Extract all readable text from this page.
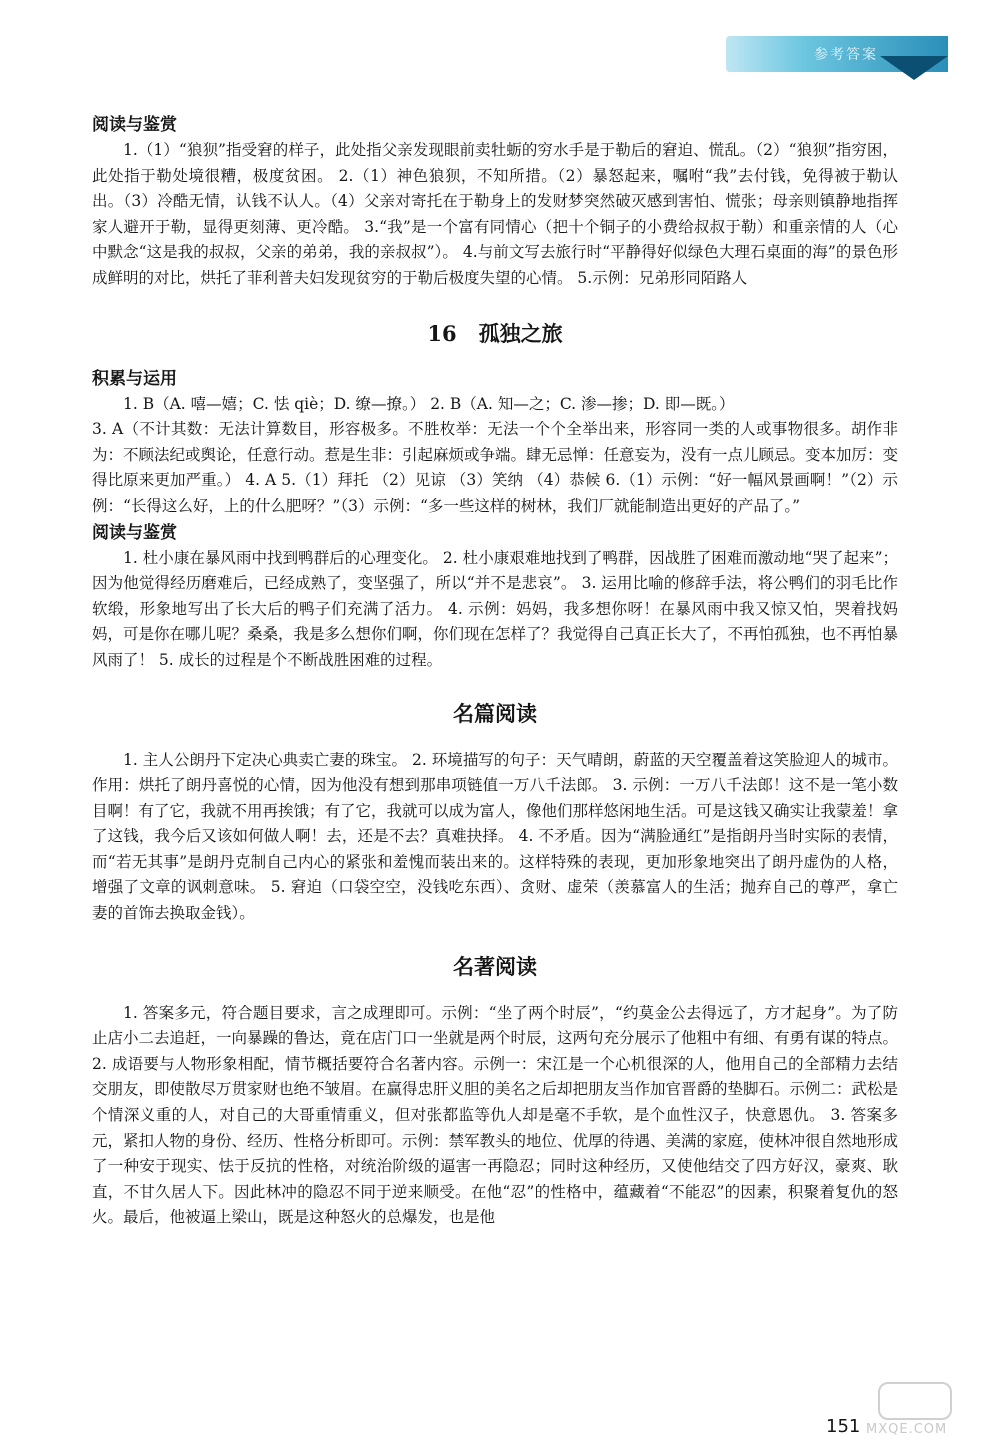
参考答案
阅读与鉴赏

1.（1）“狼狈”指受窘的样子，此处指父亲发现眼前卖牡蛎的穷水手是于勒后的窘迫、慌乱。（2）“狼狈”指穷困，此处指于勒处境很糟，极度贫困。 2.（1）神色狼狈，不知所措。（2）暴怒起来，嘱咐“我”去付钱，免得被于勒认出。（3）冷酷无情，认钱不认人。（4）父亲对寄托在于勒身上的发财梦突然破灭感到害怕、慌张；母亲则镇静地指挥家人避开于勒，显得更刻薄、更冷酷。 3.“我”是一个富有同情心（把十个铜子的小费给叔叔于勒）和重亲情的人（心中默念“这是我的叔叔，父亲的弟弟，我的亲叔叔”）。 4.与前文写去旅行时“平静得好似绿色大理石桌面的海”的景色形成鲜明的对比，烘托了菲利普夫妇发现贫穷的于勒后极度失望的心情。 5.示例：兄弟形同陌路人

16 孤独之旅
积累与运用

1. B（A. 嘻—嬉；C. 怯 qiè；D. 缭—撩。） 2. B（A. 知—之；C. 渗—掺；D. 即—既。）

3. A（不计其数：无法计算数目，形容极多。不胜枚举：无法一个个全举出来，形容同一类的人或事物很多。胡作非为：不顾法纪或舆论，任意行动。惹是生非：引起麻烦或争端。肆无忌惮：任意妄为，没有一点儿顾忌。变本加厉：变得比原来更加严重。） 4. A 5.（1）拜托 （2）见谅 （3）笑纳 （4）恭候 6.（1）示例：“好一幅风景画啊！”（2）示例：“长得这么好，上的什么肥呀？”（3）示例：“多一些这样的树林，我们厂就能制造出更好的产品了。”

阅读与鉴赏

1. 杜小康在暴风雨中找到鸭群后的心理变化。 2. 杜小康艰难地找到了鸭群，因战胜了困难而激动地“哭了起来”；因为他觉得经历磨难后，已经成熟了，变坚强了，所以“并不是悲哀”。 3. 运用比喻的修辞手法，将公鸭们的羽毛比作软缎，形象地写出了长大后的鸭子们充满了活力。 4. 示例：妈妈，我多想你呀！在暴风雨中我又惊又怕，哭着找妈妈，可是你在哪儿呢？桑桑，我是多么想你们啊，你们现在怎样了？我觉得自己真正长大了，不再怕孤独，也不再怕暴风雨了！ 5. 成长的过程是个不断战胜困难的过程。

名篇阅读

1. 主人公朗丹下定决心典卖亡妻的珠宝。 2. 环境描写的句子：天气晴朗，蔚蓝的天空覆盖着这笑脸迎人的城市。作用：烘托了朗丹喜悦的心情，因为他没有想到那串项链值一万八千法郎。 3. 示例：一万八千法郎！这不是一笔小数目啊！有了它，我就不用再挨饿；有了它，我就可以成为富人，像他们那样悠闲地生活。可是这钱又确实让我蒙羞！拿了这钱，我今后又该如何做人啊！去，还是不去？真难抉择。 4. 不矛盾。因为“满脸通红”是指朗丹当时实际的表情，而“若无其事”是朗丹克制自己内心的紧张和羞愧而装出来的。这样特殊的表现，更加形象地突出了朗丹虚伪的人格，增强了文章的讽刺意味。 5. 窘迫（口袋空空，没钱吃东西）、贪财、虚荣（羡慕富人的生活；抛弃自己的尊严，拿亡妻的首饰去换取金钱）。

名著阅读

1. 答案多元，符合题目要求，言之成理即可。示例：“坐了两个时辰”，“约莫金公去得远了，方才起身”。为了防止店小二去追赶，一向暴躁的鲁达，竟在店门口一坐就是两个时辰，这两句充分展示了他粗中有细、有勇有谋的特点。 2. 成语要与人物形象相配，情节概括要符合名著内容。示例一：宋江是一个心机很深的人，他用自己的全部精力去结交朋友，即使散尽万贯家财也绝不皱眉。在赢得忠肝义胆的美名之后却把朋友当作加官晋爵的垫脚石。示例二：武松是个情深义重的人，对自己的大哥重情重义，但对张都监等仇人却是毫不手软，是个血性汉子，快意恩仇。 3. 答案多元，紧扣人物的身份、经历、性格分析即可。示例：禁军教头的地位、优厚的待遇、美满的家庭，使林冲很自然地形成了一种安于现实、怯于反抗的性格，对统治阶级的逼害一再隐忍；同时这种经历，又使他结交了四方好汉，豪爽、耿直，不甘久居人下。因此林冲的隐忍不同于逆来顺受。在他“忍”的性格中，蕴藏着“不能忍”的因素，积聚着复仇的怒火。最后，他被逼上梁山，既是这种怒火的总爆发，也是他

151 MXQE.COM
